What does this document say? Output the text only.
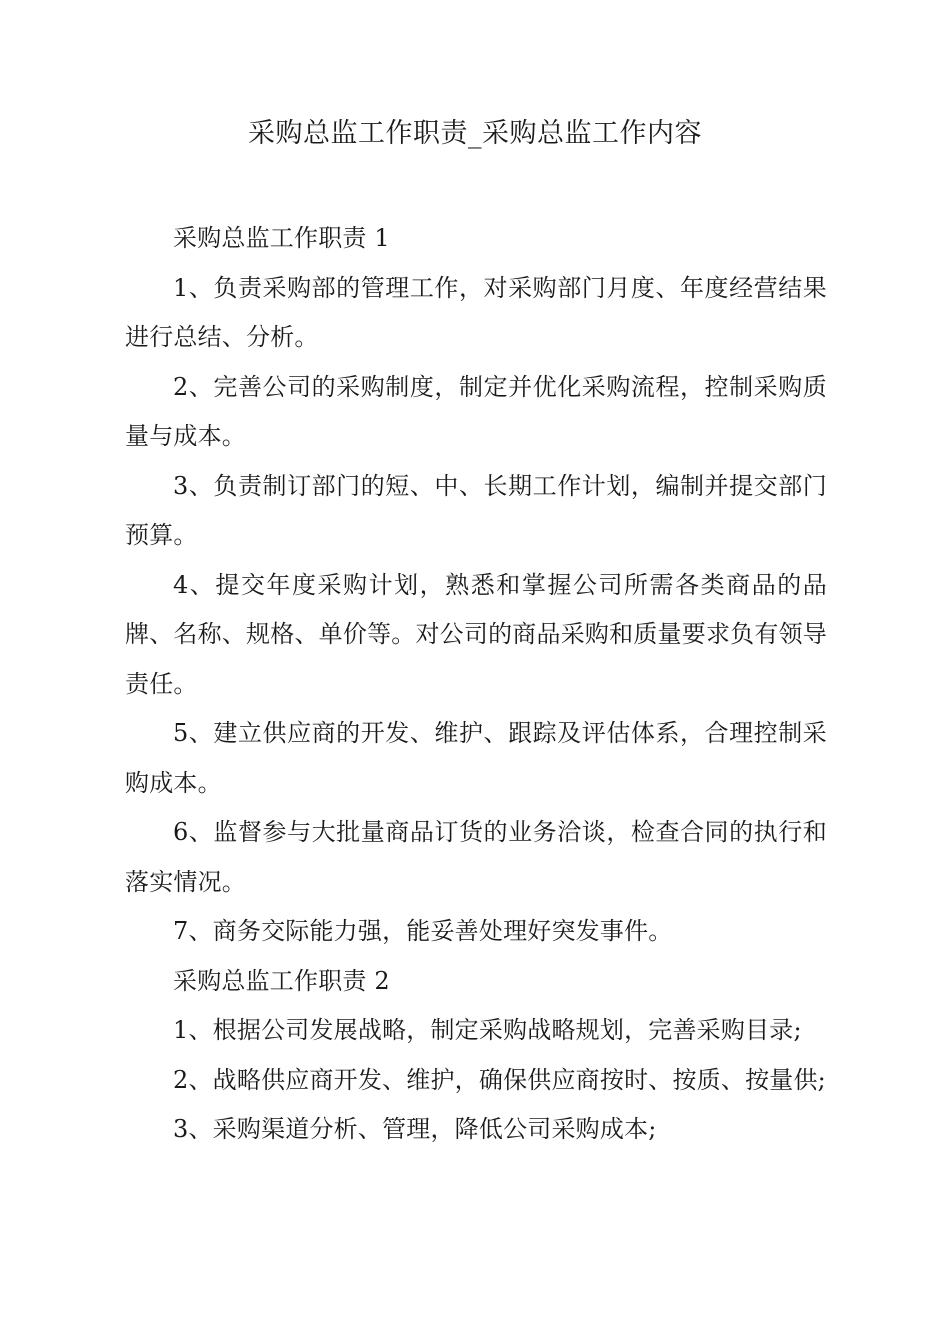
采购总监工作职责_采购总监工作内容

采购总监工作职责 1

1、负责采购部的管理工作，对采购部门月度、年度经营结果进行总结、分析。

2、完善公司的采购制度，制定并优化采购流程，控制采购质量与成本。

3、负责制订部门的短、中、长期工作计划，编制并提交部门预算。

4、提交年度采购计划，熟悉和掌握公司所需各类商品的品牌、名称、规格、单价等。对公司的商品采购和质量要求负有领导责任。

5、建立供应商的开发、维护、跟踪及评估体系，合理控制采购成本。

6、监督参与大批量商品订货的业务洽谈，检查合同的执行和落实情况。

7、商务交际能力强，能妥善处理好突发事件。

采购总监工作职责 2

1、根据公司发展战略，制定采购战略规划，完善采购目录;

2、战略供应商开发、维护，确保供应商按时、按质、按量供;

3、采购渠道分析、管理，降低公司采购成本;
